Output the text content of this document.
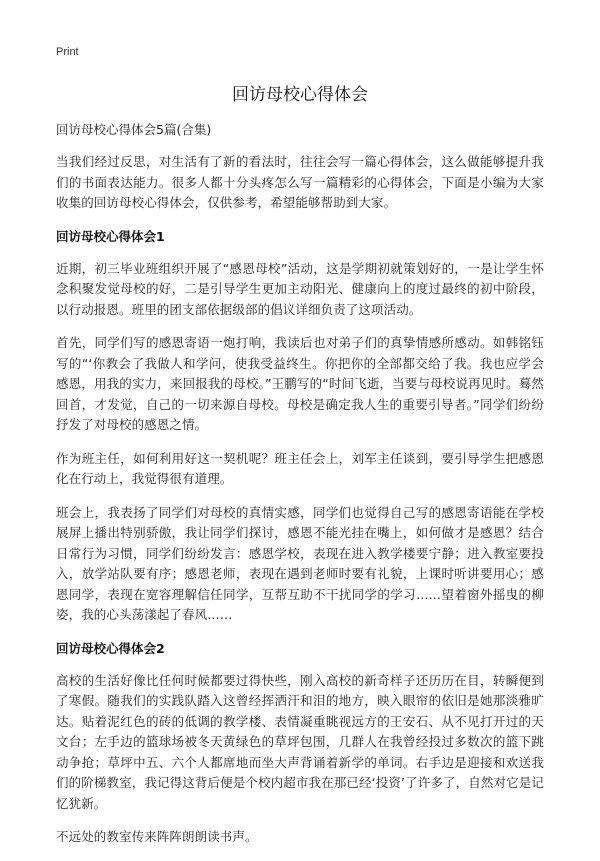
Print
回访母校心得体会
回访母校心得体会5篇(合集)

当我们经过反思，对生活有了新的看法时，往往会写一篇心得体会，这么做能够提升我们的书面表达能力。很多人都十分头疼怎么写一篇精彩的心得体会，下面是小编为大家收集的回访母校心得体会，仅供参考，希望能够帮助到大家。

回访母校心得体会1

近期，初三毕业班组织开展了“感恩母校”活动，这是学期初就策划好的，一是让学生怀念积聚发觉母校的好，二是引导学生更加主动阳光、健康向上的度过最终的初中阶段，以行动报恩。班里的团支部依据级部的倡议详细负责了这项活动。

首先，同学们写的感恩寄语一炮打响，我读后也对弟子们的真挚情感所感动。如韩铭钰写的“‘你教会了我做人和学问，使我受益终生。你把你的全部都交给了我。我也应学会感恩，用我的实力，来回报我的母校。”王鹏写的“时间飞逝，当要与母校说再见时。蓦然回首，才发觉，自己的一切来源自母校。母校是确定我人生的重要引导者。”同学们纷纷抒发了对母校的感恩之情。

作为班主任，如何利用好这一契机呢？班主任会上，刘军主任谈到，要引导学生把感恩化在行动上，我觉得很有道理。

班会上，我表扬了同学们对母校的真情实感，同学们也觉得自己写的感恩寄语能在学校展屏上播出特别骄傲，我让同学们探讨，感恩不能光挂在嘴上，如何做才是感恩？结合日常行为习惯，同学们纷纷发言：感恩学校，表现在进入教学楼要宁静；进入教室要投入，放学站队要有序；感恩老师，表现在遇到老师时要有礼貌，上课时听讲要用心；感恩同学，表现在宽容理解信任同学，互帮互助不干扰同学的学习……望着窗外摇曳的柳姿，我的心头荡漾起了春风……

回访母校心得体会2

高校的生活好像比任何时候都要过得快些，刚入高校的新奇样子还历历在目，转瞬便到了寒假。随我们的实践队踏入这曾经挥洒汗和泪的地方，映入眼帘的依旧是她那淡雅旷达。贴着泥红色的砖的低调的教学楼、表情凝重眺视远方的王安石、从不见打开过的天文台；左手边的篮球场被冬天黄绿色的草坪包围，几群人在我曾经投过多数次的篮下跳动争抢；草坪中五、六个人都席地而坐大声背诵着新学的单词。右手边是迎接和欢送我们的阶梯教室，我记得这背后便是个校内超市我在那已经‘投资’了许多了，自然对它是记忆犹新。

不远处的教室传来阵阵朗朗读书声。
